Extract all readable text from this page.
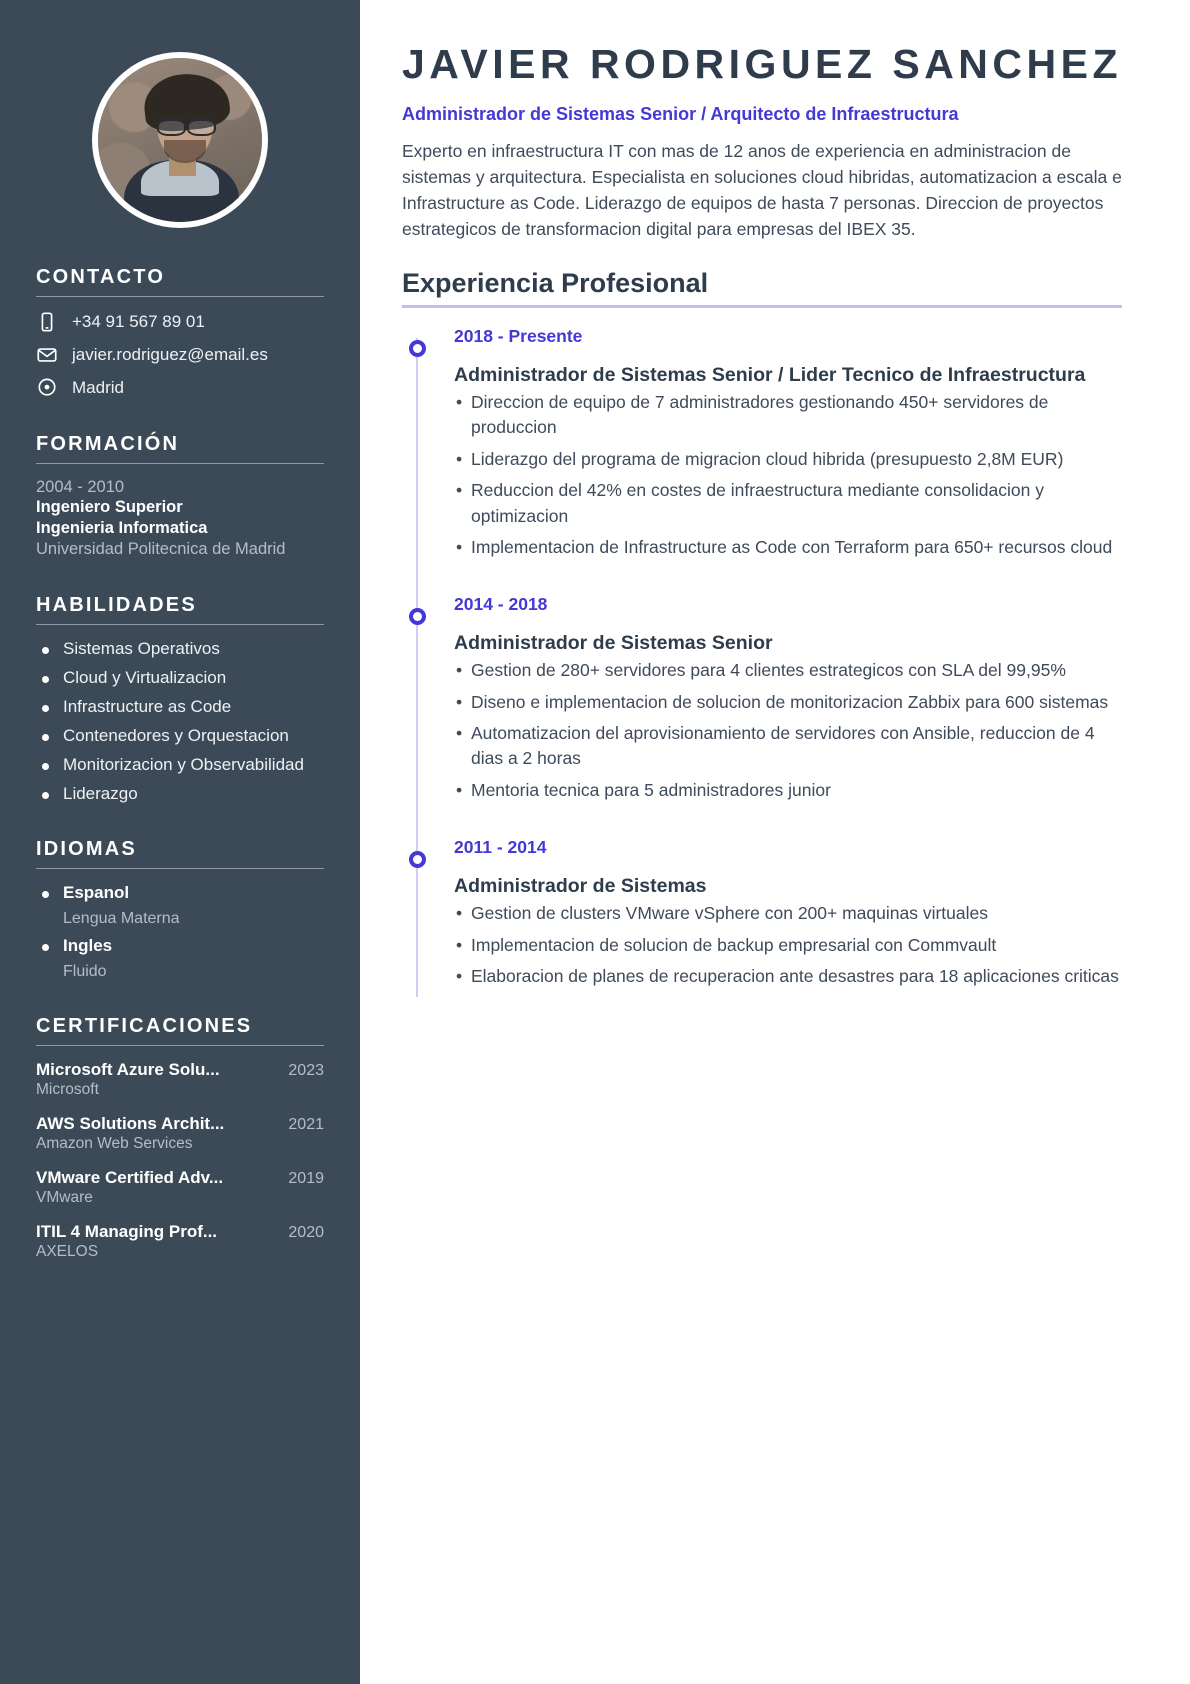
CONTACTO
+34 91 567 89 01
javier.rodriguez@email.es
Madrid
FORMACIÓN
2004 - 2010
Ingeniero Superior
Ingenieria Informatica
Universidad Politecnica de Madrid
HABILIDADES
Sistemas Operativos
Cloud y Virtualizacion
Infrastructure as Code
Contenedores y Orquestacion
Monitorizacion y Observabilidad
Liderazgo
IDIOMAS
Espanol
Lengua Materna
Ingles
Fluido
CERTIFICACIONES
Microsoft Azure Solu...	2023
Microsoft
AWS Solutions Archit...	2021
Amazon Web Services
VMware Certified Adv...	2019
VMware
ITIL 4 Managing Prof...	2020
AXELOS
JAVIER RODRIGUEZ SANCHEZ
Administrador de Sistemas Senior / Arquitecto de Infraestructura

Experto en infraestructura IT con mas de 12 anos de experiencia en administracion de sistemas y arquitectura. Especialista en soluciones cloud hibridas, automatizacion a escala e Infrastructure as Code. Liderazgo de equipos de hasta 7 personas. Direccion de proyectos estrategicos de transformacion digital para empresas del IBEX 35.

Experiencia Profesional
2018 - Presente
Administrador de Sistemas Senior / Lider Tecnico de Infraestructura
• Direccion de equipo de 7 administradores gestionando 450+ servidores de produccion
• Liderazgo del programa de migracion cloud hibrida (presupuesto 2,8M EUR)
• Reduccion del 42% en costes de infraestructura mediante consolidacion y optimizacion
• Implementacion de Infrastructure as Code con Terraform para 650+ recursos cloud
2014 - 2018
Administrador de Sistemas Senior
• Gestion de 280+ servidores para 4 clientes estrategicos con SLA del 99,95%
• Diseno e implementacion de solucion de monitorizacion Zabbix para 600 sistemas
• Automatizacion del aprovisionamiento de servidores con Ansible, reduccion de 4 dias a 2 horas
• Mentoria tecnica para 5 administradores junior
2011 - 2014
Administrador de Sistemas
• Gestion de clusters VMware vSphere con 200+ maquinas virtuales
• Implementacion de solucion de backup empresarial con Commvault
• Elaboracion de planes de recuperacion ante desastres para 18 aplicaciones criticas
